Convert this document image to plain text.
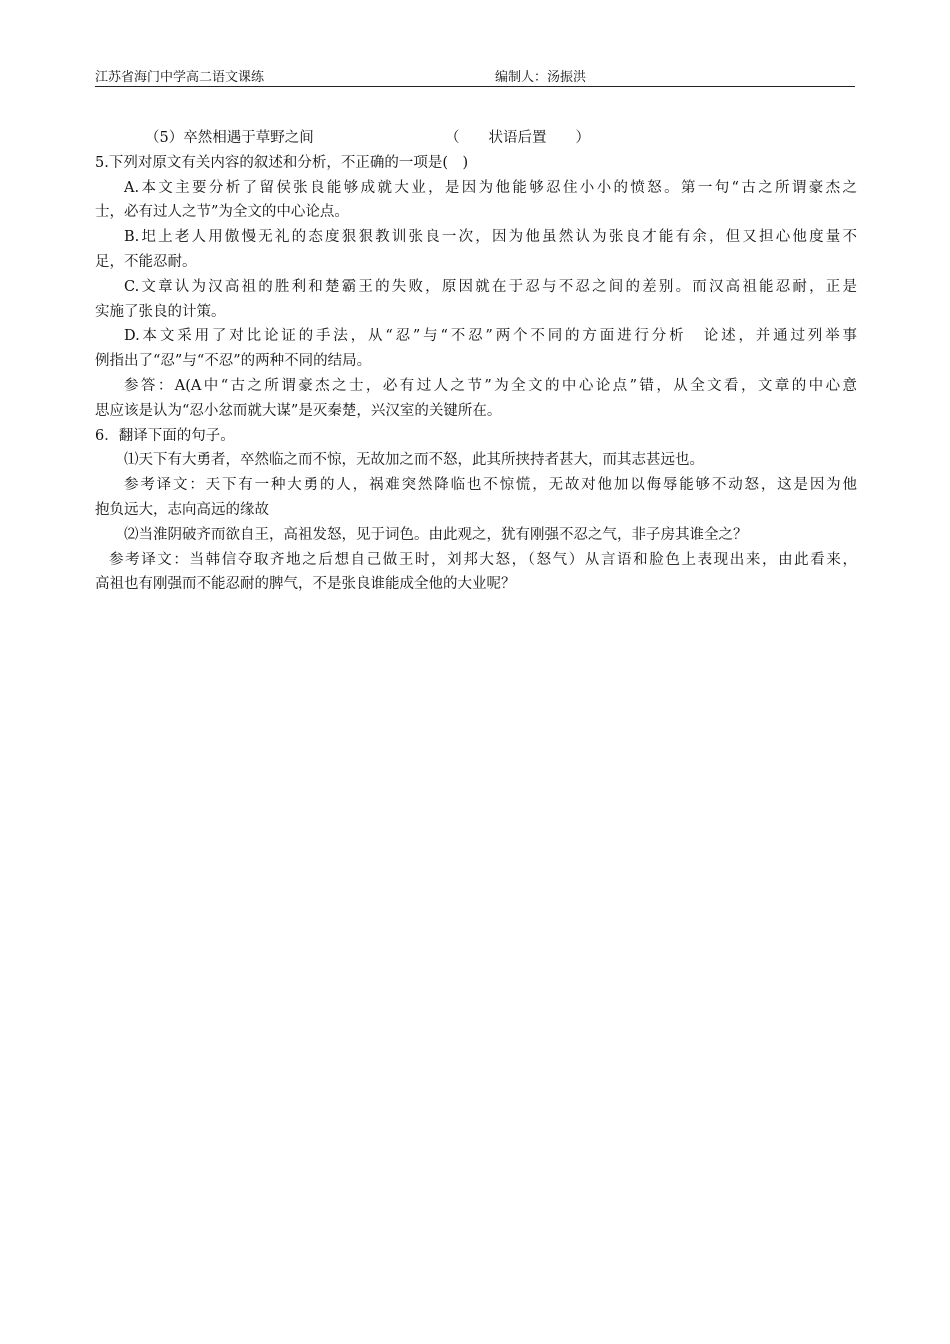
江苏省海门中学高二语文课练	编制人：汤振洪
（5）卒然相遇于草野之间	（　　状语后置　　）
5.下列对原文有关内容的叙述和分析，不正确的一项是(　)
A.本文主要分析了留侯张良能够成就大业，是因为他能够忍住小小的愤怒。第一句“古之所谓豪杰之
士，必有过人之节”为全文的中心论点。
B.圯上老人用傲慢无礼的态度狠狠教训张良一次，因为他虽然认为张良才能有余，但又担心他度量不
足，不能忍耐。
C.文章认为汉高祖的胜利和楚霸王的失败，原因就在于忍与不忍之间的差别。而汉高祖能忍耐，正是
实施了张良的计策。
D.本文采用了对比论证的手法，从“忍”与“不忍”两个不同的方面进行分析　论述，并通过列举事
例指出了“忍”与“不忍”的两种不同的结局。
参答：A(A中“古之所谓豪杰之士，必有过人之节”为全文的中心论点”错，从全文看，文章的中心意
思应该是认为“忍小忿而就大谋”是灭秦楚，兴汉室的关键所在。
6．翻译下面的句子。
⑴天下有大勇者，卒然临之而不惊，无故加之而不怒，此其所挟持者甚大，而其志甚远也。
参考译文：天下有一种大勇的人，祸难突然降临也不惊慌，无故对他加以侮辱能够不动怒，这是因为他
抱负远大，志向高远的缘故
⑵当淮阴破齐而欲自王，高祖发怒，见于词色。由此观之，犹有刚强不忍之气，非子房其谁全之？
参考译文：当韩信夺取齐地之后想自己做王时，刘邦大怒，（怒气）从言语和脸色上表现出来，由此看来，
高祖也有刚强而不能忍耐的脾气，不是张良谁能成全他的大业呢？
